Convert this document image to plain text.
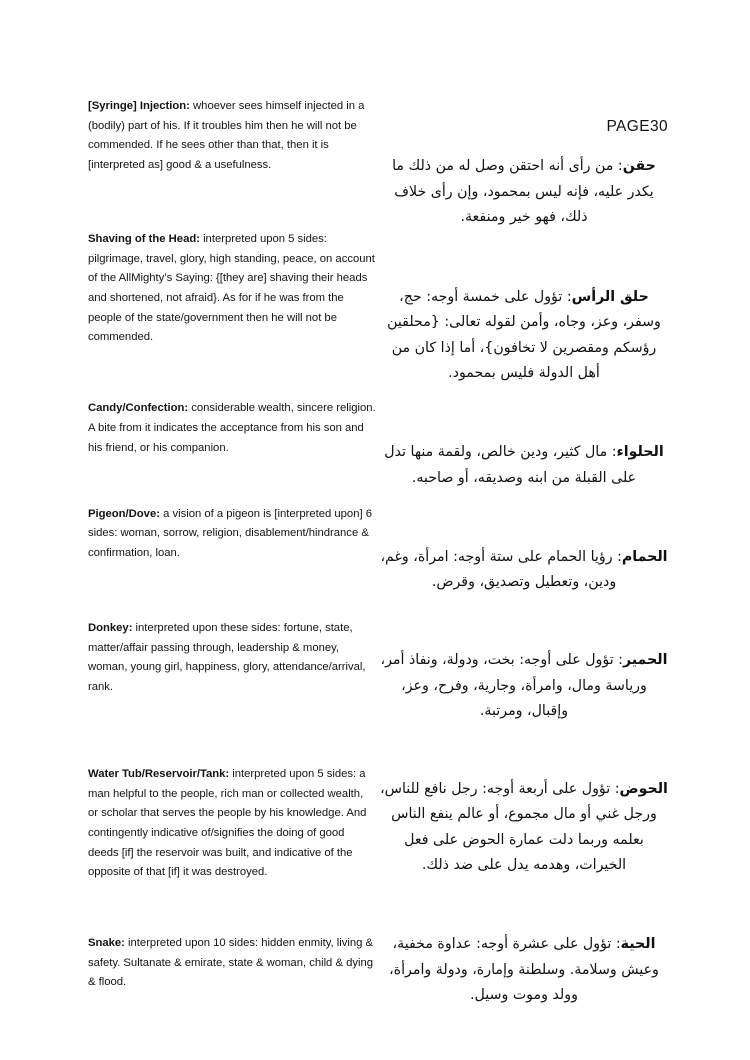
[Syringe] Injection: whoever sees himself injected in a (bodily) part of his. If it troubles him then he will not be commended. If he sees other than that, then it is [interpreted as] good & a usefulness.

Shaving of the Head: interpreted upon 5 sides: pilgrimage, travel, glory, high standing, peace, on account of the AllMighty’s Saying: {[they are] shaving their heads and shortened, not afraid}. As for if he was from the people of the state/government then he will not be commended.

Candy/Confection: considerable wealth, sincere religion. A bite from it indicates the acceptance from his son and his friend, or his companion.

Pigeon/Dove: a vision of a pigeon is [interpreted upon] 6 sides: woman, sorrow, religion, disablement/hindrance & confirmation, loan.

Donkey: interpreted upon these sides: fortune, state, matter/affair passing through, leadership & money, woman, young girl, happiness, glory, attendance/arrival, rank.

Water Tub/Reservoir/Tank: interpreted upon 5 sides: a man helpful to the people, rich man or collected wealth, or scholar that serves the people by his knowledge. And contingently indicative of/signifies the doing of good deeds [if] the reservoir was built, and indicative of the opposite of that [if] it was destroyed.

Snake: interpreted upon 10 sides: hidden enmity, living & safety. Sultanate & emirate, state & woman, child & dying & flood.

PAGE30

حقن: من رأى أنه احتقن وصل له من ذلك ما يكدر عليه، فإنه ليس بمحمود، وإن رأى خلاف ذلك، فهو خير ومنفعة.

حلق الرأس: تؤول على خمسة أوجه: حج، وسفر، وعز، وجاه، وأمن لقوله تعالى: {محلقين رؤسكم ومقصرين لا تخافون}، أما إذا كان من أهل الدولة فليس بمحمود.

الحلواء: مال كثير، ودين خالص، ولقمة منها تدل على القبلة من ابنه وصديقه، أو صاحبه.

الحمام: رؤيا الحمام على ستة أوجه: امرأة، وغم، ودين، وتعطيل وتصديق، وقرض.

الحمير: تؤول على أوجه: بخت، ودولة، ونفاذ أمر، ورياسة ومال، وامرأة، وجارية، وفرح، وعز، وإقبال، ومرتبة.

الحوض: تؤول على أربعة أوجه: رجل نافع للناس، ورجل غني أو مال مجموع، أو عالم ينفع الناس بعلمه وربما دلت عمارة الحوض على فعل الخيرات، وهدمه يدل على ضد ذلك.

الحية: تؤول على عشرة أوجه: عداوة مخفية، وعيش وسلامة. وسلطنة وإمارة، ودولة وامرأة، وولد وموت وسيل.
